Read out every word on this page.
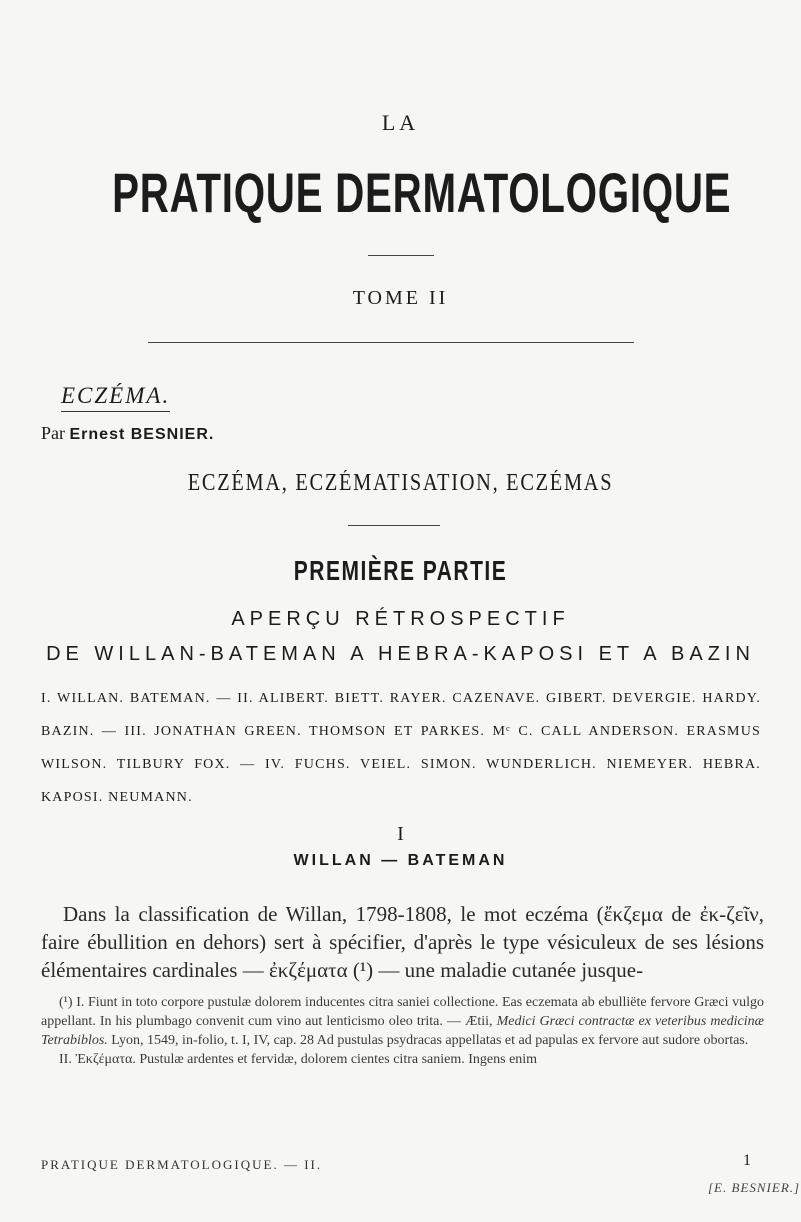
LA
PRATIQUE DERMATOLOGIQUE
TOME II
ECZÉMA.
Par Ernest BESNIER.
ECZÉMA, ECZÉMATISATION, ECZÉMAS
PREMIÈRE PARTIE
APERÇU RÉTROSPECTIF
DE WILLAN-BATEMAN A HEBRA-KAPOSI ET A BAZIN
I. WILLAN. BATEMAN. — II. ALIBERT. BIETT. RAYER. CAZENAVE. GIBERT. DEVERGIE. HARDY. BAZIN. — III. JONATHAN GREEN. THOMSON ET PARKES. Mᶜ C. CALL ANDERSON. ERASMUS WILSON. TILBURY FOX. — IV. FUCHS. VEIEL. SIMON. WUNDERLICH. NIEMEYER. HEBRA. KAPOSI. NEUMANN.
I
WILLAN — BATEMAN
Dans la classification de Willan, 1798-1808, le mot eczéma (ἔκζεμα de ἐκ-ζεῖν, faire ébullition en dehors) sert à spécifier, d'après le type vésiculeux de ses lésions élémentaires cardinales — ἐκζέματα (¹) — une maladie cutanée jusque-

(¹) I. Fiunt in toto corpore pustulæ dolorem inducentes citra saniei collectione. Eas eczemata ab ebulliëte fervore Græci vulgo appellant. In his plumbago convenit cum vino aut lenticismo oleo trita. — Ætii, Medici Græci contractæ ex veteribus medicinæ Tetrabiblos. Lyon, 1549, in-folio, t. I, IV, cap. 28 Ad pustulas psydracas appellatas et ad papulas ex fervore aut sudore obortas.

II. Ἐκζέματα. Pustulæ ardentes et fervidæ, dolorem cientes citra saniem. Ingens enim

PRATIQUE DERMATOLOGIQUE. — II.	1
[E. BESNIER.]
